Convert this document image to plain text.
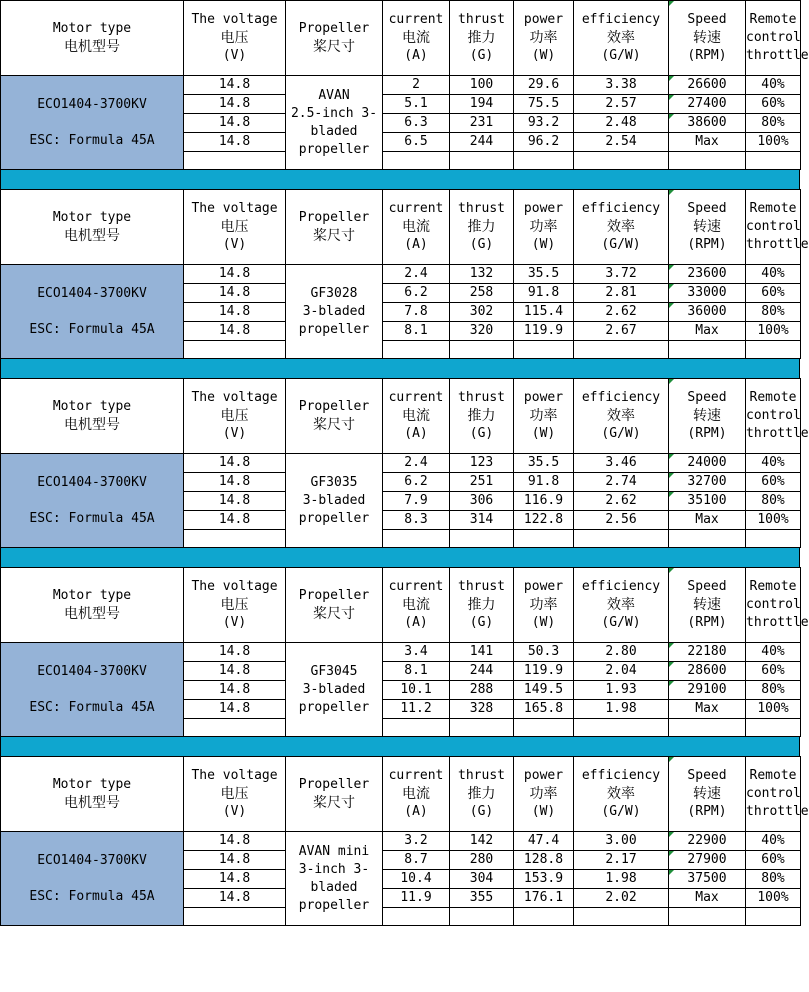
Motor type
电机型号	The voltage
电压
(V)	Propeller
桨尺寸	current
电流
(A)	thrust
推力
(G)	power
功率
(W)	efficiency
效率
(G/W)	Speed
转速
(RPM)	Remote
control
throttle

ECO1404-3700KV
ESC: Formula 45A	14.8	AVAN
2.5-inch 3-
bladed
propeller	2	100	29.6	3.38	26600	40%
	14.8		5.1	194	75.5	2.57	27400	60%
	14.8		6.3	231	93.2	2.48	38600	80%
	14.8		6.5	244	96.2	2.54	Max	100%

Motor type
电机型号	The voltage
电压
(V)	Propeller
桨尺寸	current
电流
(A)	thrust
推力
(G)	power
功率
(W)	efficiency
效率
(G/W)	Speed
转速
(RPM)	Remote
control
throttle

ECO1404-3700KV
ESC: Formula 45A	14.8	GF3028
3-bladed
propeller	2.4	132	35.5	3.72	23600	40%
	14.8		6.2	258	91.8	2.81	33000	60%
	14.8		7.8	302	115.4	2.62	36000	80%
	14.8		8.1	320	119.9	2.67	Max	100%

Motor type
电机型号	The voltage
电压
(V)	Propeller
桨尺寸	current
电流
(A)	thrust
推力
(G)	power
功率
(W)	efficiency
效率
(G/W)	Speed
转速
(RPM)	Remote
control
throttle

ECO1404-3700KV
ESC: Formula 45A	14.8	GF3035
3-bladed
propeller	2.4	123	35.5	3.46	24000	40%
	14.8		6.2	251	91.8	2.74	32700	60%
	14.8		7.9	306	116.9	2.62	35100	80%
	14.8		8.3	314	122.8	2.56	Max	100%

Motor type
电机型号	The voltage
电压
(V)	Propeller
桨尺寸	current
电流
(A)	thrust
推力
(G)	power
功率
(W)	efficiency
效率
(G/W)	Speed
转速
(RPM)	Remote
control
throttle

ECO1404-3700KV
ESC: Formula 45A	14.8	GF3045
3-bladed
propeller	3.4	141	50.3	2.80	22180	40%
	14.8		8.1	244	119.9	2.04	28600	60%
	14.8		10.1	288	149.5	1.93	29100	80%
	14.8		11.2	328	165.8	1.98	Max	100%

Motor type
电机型号	The voltage
电压
(V)	Propeller
桨尺寸	current
电流
(A)	thrust
推力
(G)	power
功率
(W)	efficiency
效率
(G/W)	Speed
转速
(RPM)	Remote
control
throttle

ECO1404-3700KV
ESC: Formula 45A	14.8	AVAN mini
3-inch 3-
bladed
propeller	3.2	142	47.4	3.00	22900	40%
	14.8		8.7	280	128.8	2.17	27900	60%
	14.8		10.4	304	153.9	1.98	37500	80%
	14.8		11.9	355	176.1	2.02	Max	100%
